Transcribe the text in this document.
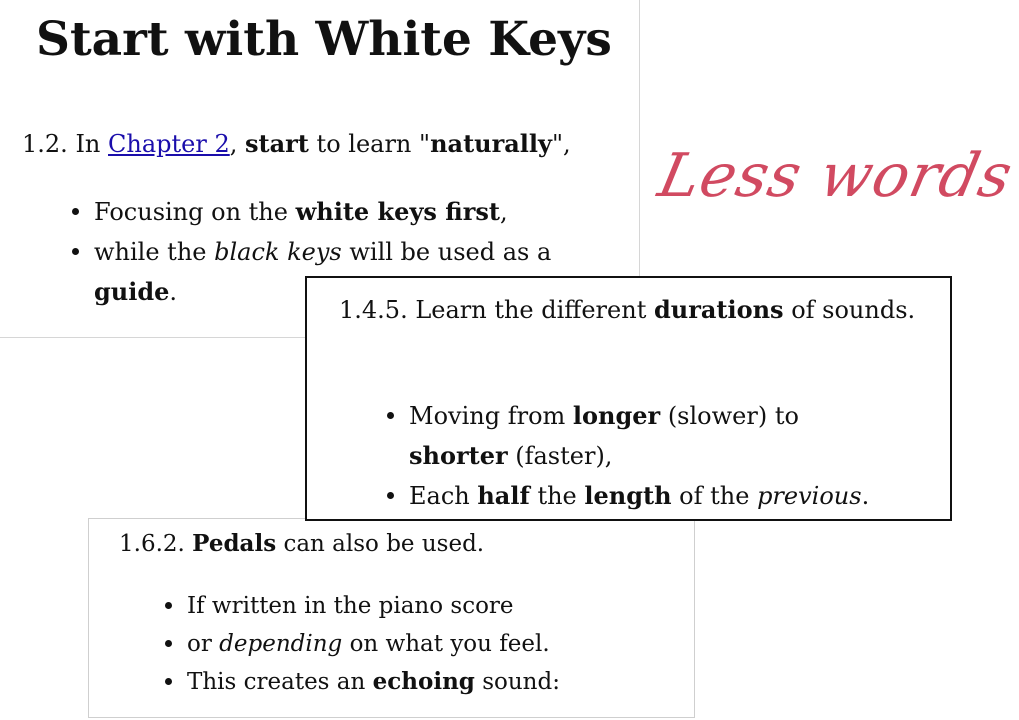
Start with White Keys

1.2. In Chapter 2, start to learn "naturally",

Focusing on the white keys first,
while the black keys will be used as a guide.
Less words

1.4.5. Learn the different durations of sounds.

Moving from longer (slower) to shorter (faster),
Each half the length of the previous.

1.6.2. Pedals can also be used.

If written in the piano score
or depending on what you feel.
This creates an echoing sound:
